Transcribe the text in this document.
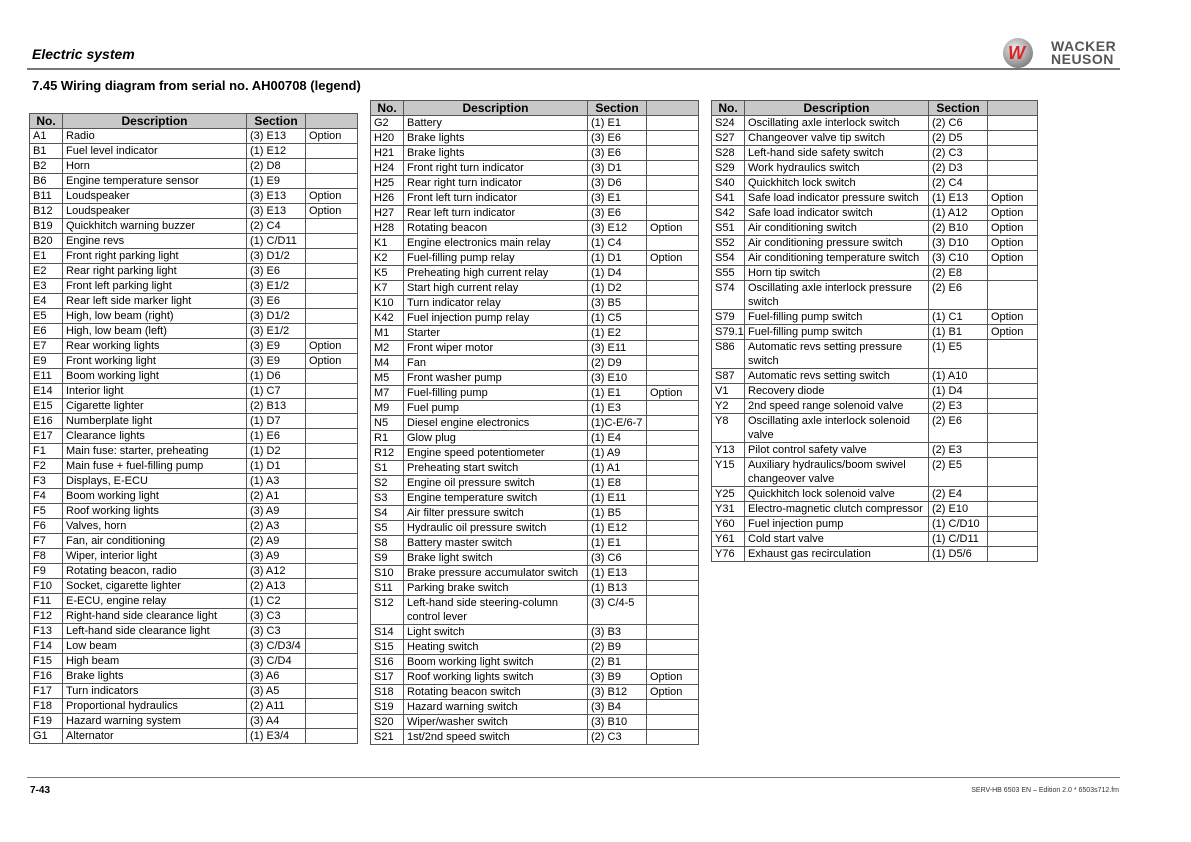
Electric system	W WACKER
NEUSON
7.45 Wiring diagram from serial no. AH00708 (legend)
No.	Description	Section	
A1	Radio	(3) E13	Option
B1	Fuel level indicator	(1) E12	
B2	Horn	(2) D8	
B6	Engine temperature sensor	(1) E9	
B11	Loudspeaker	(3) E13	Option
B12	Loudspeaker	(3) E13	Option
B19	Quickhitch warning buzzer	(2) C4	
B20	Engine revs	(1) C/D11	
E1	Front right parking light	(3) D1/2	
E2	Rear right parking light	(3) E6	
E3	Front left parking light	(3) E1/2	
E4	Rear left side marker light	(3) E6	
E5	High, low beam (right)	(3) D1/2	
E6	High, low beam (left)	(3) E1/2	
E7	Rear working lights	(3) E9	Option
E9	Front working light	(3) E9	Option
E11	Boom working light	(1) D6	
E14	Interior light	(1) C7	
E15	Cigarette lighter	(2) B13	
E16	Numberplate light	(1) D7	
E17	Clearance lights	(1) E6	
F1	Main fuse: starter, preheating	(1) D2	
F2	Main fuse + fuel-filling pump	(1) D1	
F3	Displays, E-ECU	(1) A3	
F4	Boom working light	(2) A1	
F5	Roof working lights	(3) A9	
F6	Valves, horn	(2) A3	
F7	Fan, air conditioning	(2) A9	
F8	Wiper, interior light	(3) A9	
F9	Rotating beacon, radio	(3) A12	
F10	Socket, cigarette lighter	(2) A13	
F11	E-ECU, engine relay	(1) C2	
F12	Right-hand side clearance light	(3) C3	
F13	Left-hand side clearance light	(3) C3	
F14	Low beam	(3) C/D3/4	
F15	High beam	(3) C/D4	
F16	Brake lights	(3) A6	
F17	Turn indicators	(3) A5	
F18	Proportional hydraulics	(2) A11	
F19	Hazard warning system	(3) A4	
G1	Alternator	(1) E3/4	
No.	Description	Section	
G2	Battery	(1) E1	
H20	Brake lights	(3) E6	
H21	Brake lights	(3) E6	
H24	Front right turn indicator	(3) D1	
H25	Rear right turn indicator	(3) D6	
H26	Front left turn indicator	(3) E1	
H27	Rear left turn indicator	(3) E6	
H28	Rotating beacon	(3) E12	Option
K1	Engine electronics main relay	(1) C4	
K2	Fuel-filling pump relay	(1) D1	Option
K5	Preheating high current relay	(1) D4	
K7	Start high current relay	(1) D2	
K10	Turn indicator relay	(3) B5	
K42	Fuel injection pump relay	(1) C5	
M1	Starter	(1) E2	
M2	Front wiper motor	(3) E11	
M4	Fan	(2) D9	
M5	Front washer pump	(3) E10	
M7	Fuel-filling pump	(1) E1	Option
M9	Fuel pump	(1) E3	
N5	Diesel engine electronics	(1)C-E/6-7	
R1	Glow plug	(1) E4	
R12	Engine speed potentiometer	(1) A9	
S1	Preheating start switch	(1) A1	
S2	Engine oil pressure switch	(1) E8	
S3	Engine temperature switch	(1) E11	
S4	Air filter pressure switch	(1) B5	
S5	Hydraulic oil pressure switch	(1) E12	
S8	Battery master switch	(1) E1	
S9	Brake light switch	(3) C6	
S10	Brake pressure accumulator switch	(1) E13	
S11	Parking brake switch	(1) B13	
S12	Left-hand side steering-column control lever	(3) C/4-5	
S14	Light switch	(3) B3	
S15	Heating switch	(2) B9	
S16	Boom working light switch	(2) B1	
S17	Roof working lights switch	(3) B9	Option
S18	Rotating beacon switch	(3) B12	Option
S19	Hazard warning switch	(3) B4	
S20	Wiper/washer switch	(3) B10	
S21	1st/2nd speed switch	(2) C3	
No.	Description	Section	
S24	Oscillating axle interlock switch	(2) C6	
S27	Changeover valve tip switch	(2) D5	
S28	Left-hand side safety switch	(2) C3	
S29	Work hydraulics switch	(2) D3	
S40	Quickhitch lock switch	(2) C4	
S41	Safe load indicator pressure switch	(1) E13	Option
S42	Safe load indicator switch	(1) A12	Option
S51	Air conditioning switch	(2) B10	Option
S52	Air conditioning pressure switch	(3) D10	Option
S54	Air conditioning temperature switch	(3) C10	Option
S55	Horn tip switch	(2) E8	
S74	Oscillating axle interlock pressure switch	(2) E6	
S79	Fuel-filling pump switch	(1) C1	Option
S79.1	Fuel-filling pump switch	(1) B1	Option
S86	Automatic revs setting pressure switch	(1) E5	
S87	Automatic revs setting switch	(1) A10	
V1	Recovery diode	(1) D4	
Y2	2nd speed range solenoid valve	(2) E3	
Y8	Oscillating axle interlock solenoid valve	(2) E6	
Y13	Pilot control safety valve	(2) E3	
Y15	Auxiliary hydraulics/boom swivel changeover valve	(2) E5	
Y25	Quickhitch lock solenoid valve	(2) E4	
Y31	Electro-magnetic clutch compressor	(2) E10	
Y60	Fuel injection pump	(1) C/D10	
Y61	Cold start valve	(1) C/D11	
Y76	Exhaust gas recirculation	(1) D5/6	
7-43	SERV-HB 6503 EN – Edition 2.0 * 6503s712.fm
